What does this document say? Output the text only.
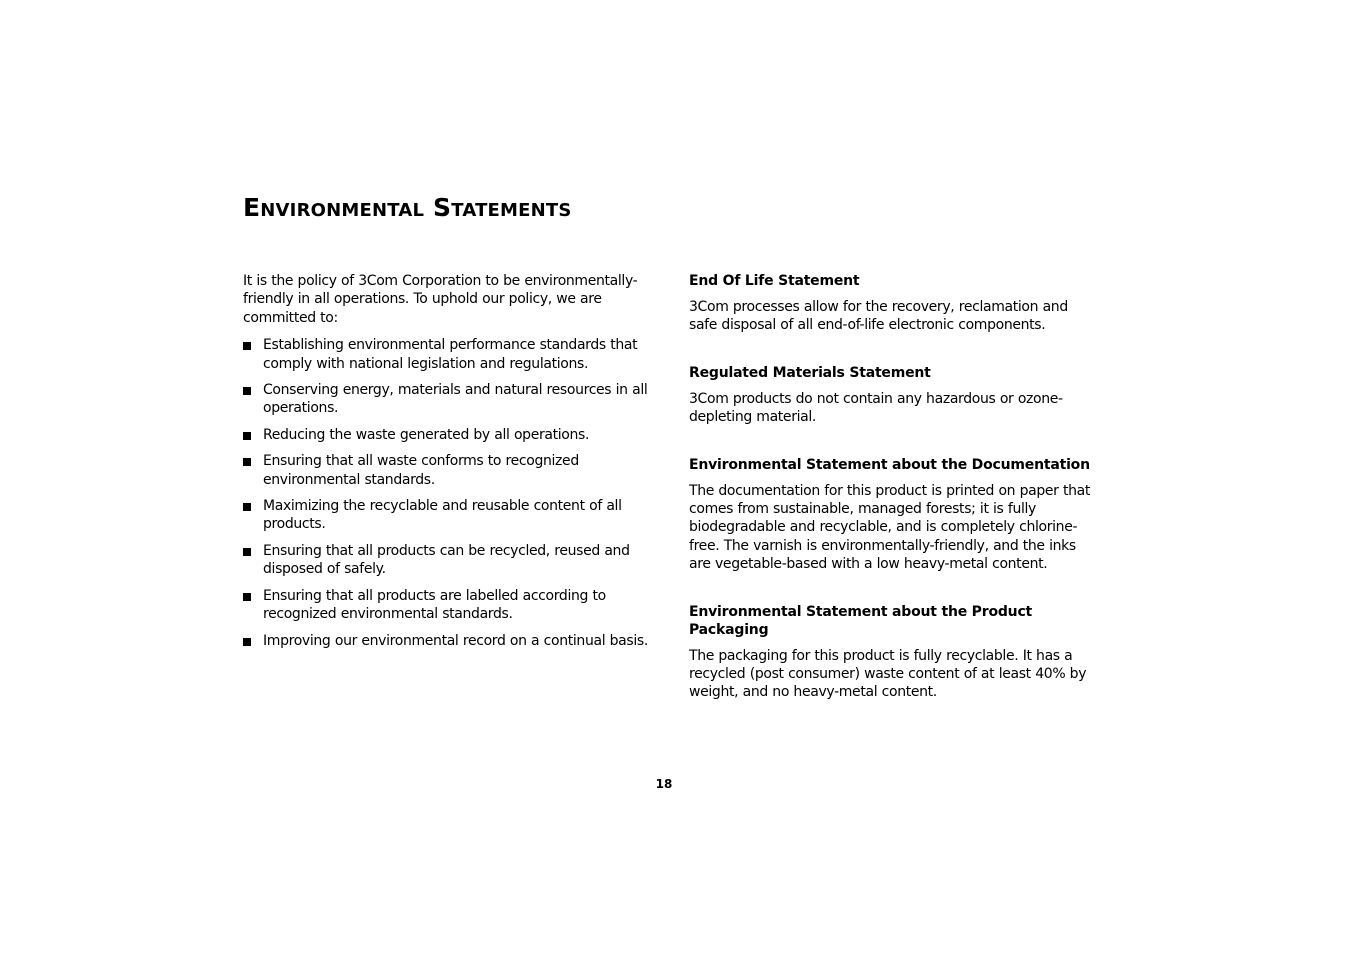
Environmental Statements

It is the policy of 3Com Corporation to be environmentally-friendly in all operations. To uphold our policy, we are committed to:

Establishing environmental performance standards that comply with national legislation and regulations.
Conserving energy, materials and natural resources in all operations.
Reducing the waste generated by all operations.
Ensuring that all waste conforms to recognized environmental standards.
Maximizing the recyclable and reusable content of all products.
Ensuring that all products can be recycled, reused and disposed of safely.
Ensuring that all products are labelled according to recognized environmental standards.
Improving our environmental record on a continual basis.
End Of Life Statement

3Com processes allow for the recovery, reclamation and safe disposal of all end-of-life electronic components.

Regulated Materials Statement

3Com products do not contain any hazardous or ozone-depleting material.

Environmental Statement about the Documentation

The documentation for this product is printed on paper that comes from sustainable, managed forests; it is fully biodegradable and recyclable, and is completely chlorine-free. The varnish is environmentally-friendly, and the inks are vegetable-based with a low heavy-metal content.

Environmental Statement about the Product Packaging

The packaging for this product is fully recyclable. It has a recycled (post consumer) waste content of at least 40% by weight, and no heavy-metal content.

18
